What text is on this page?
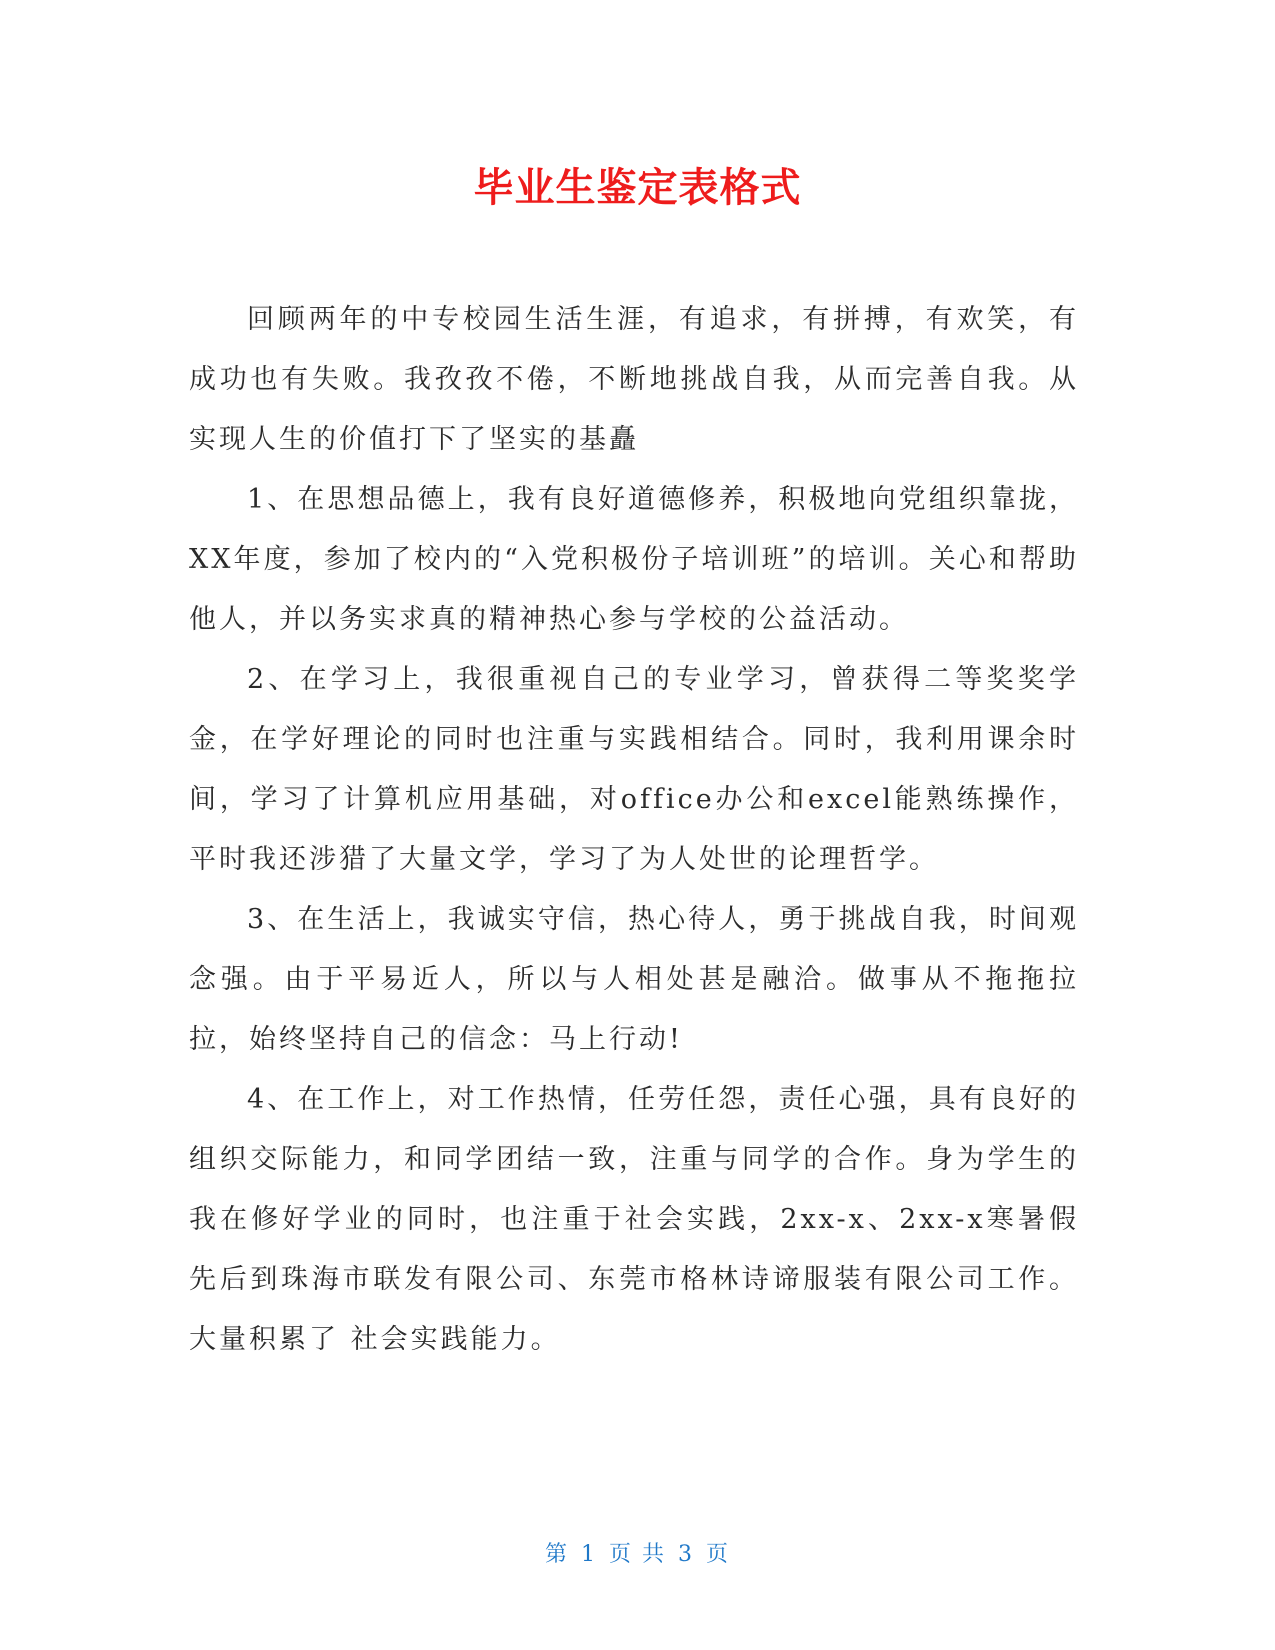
毕业生鉴定表格式

回顾两年的中专校园生活生涯，有追求，有拼搏，有欢笑，有成功也有失败。我孜孜不倦，不断地挑战自我，从而完善自我。从实现人生的价值打下了坚实的基矗

1、在思想品德上，我有良好道德修养，积极地向党组织靠拢，XX年度，参加了校内的“入党积极份子培训班”的培训。关心和帮助他人，并以务实求真的精神热心参与学校的公益活动。

2、在学习上，我很重视自己的专业学习，曾获得二等奖奖学金，在学好理论的同时也注重与实践相结合。同时，我利用课余时间，学习了计算机应用基础，对office办公和excel能熟练操作，平时我还涉猎了大量文学，学习了为人处世的论理哲学。

3、在生活上，我诚实守信，热心待人，勇于挑战自我，时间观念强。由于平易近人，所以与人相处甚是融洽。做事从不拖拖拉拉，始终坚持自己的信念：马上行动!

4、在工作上，对工作热情，任劳任怨，责任心强，具有良好的组织交际能力，和同学团结一致，注重与同学的合作。身为学生的我在修好学业的同时，也注重于社会实践，2xx-x、2xx-x寒暑假先后到珠海市联发有限公司、东莞市格林诗谛服装有限公司工作。大量积累了 社会实践能力。

第 1 页 共 3 页
